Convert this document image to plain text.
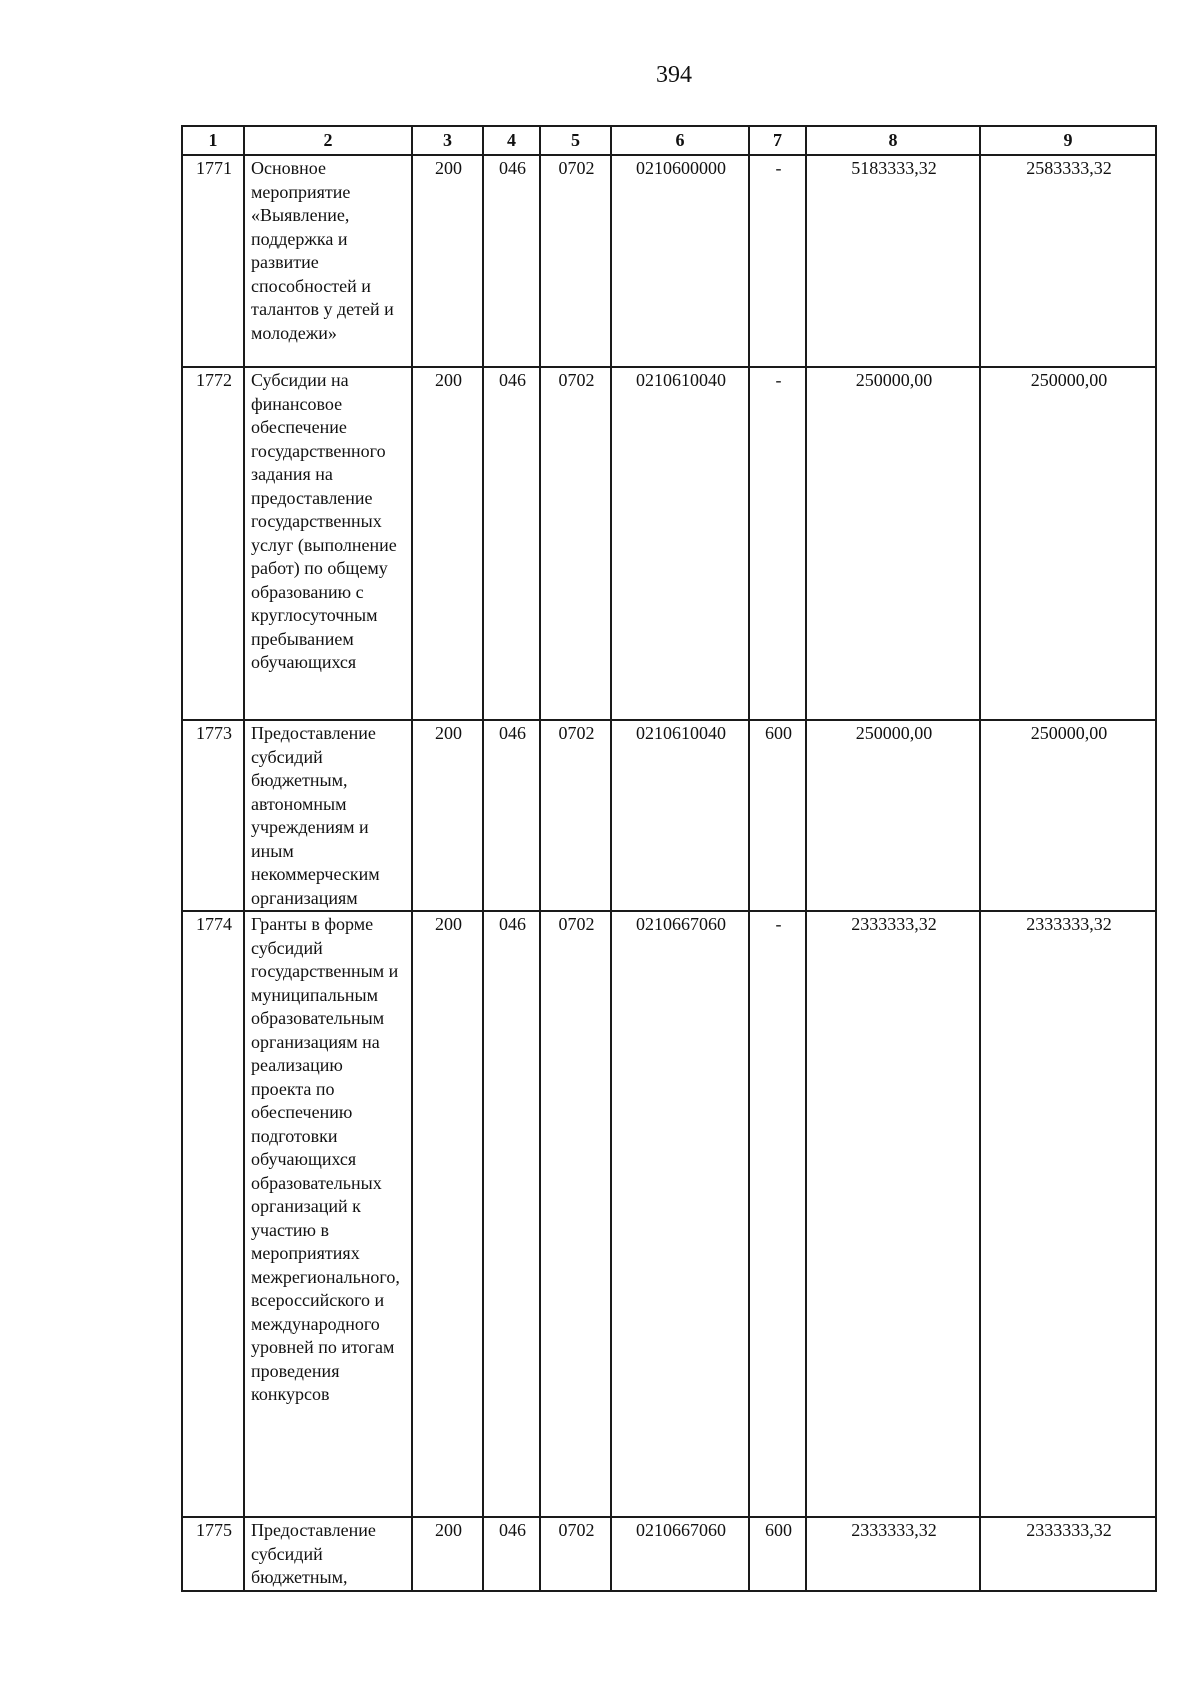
394
1	2	3	4	5	6	7	8	9
1771	Основное мероприятие «Выявление, поддержка и развитие способностей и талантов у детей и молодежи»	200	046	0702	0210600000	-	5183333,32	2583333,32
1772	Субсидии на финансовое обеспечение государственного задания на предоставление государственных услуг (выполнение работ) по общему образованию с круглосуточным пребыванием обучающихся	200	046	0702	0210610040	-	250000,00	250000,00
1773	Предоставление субсидий бюджетным, автономным учреждениям и иным некоммерческим организациям	200	046	0702	0210610040	600	250000,00	250000,00
1774	Гранты в форме субсидий государственным и муниципальным образовательным организациям на реализацию проекта по обеспечению подготовки обучающихся образовательных организаций к участию в мероприятиях межрегионального, всероссийского и международного уровней по итогам проведения конкурсов	200	046	0702	0210667060	-	2333333,32	2333333,32
1775	Предоставление субсидий бюджетным,	200	046	0702	0210667060	600	2333333,32	2333333,32
